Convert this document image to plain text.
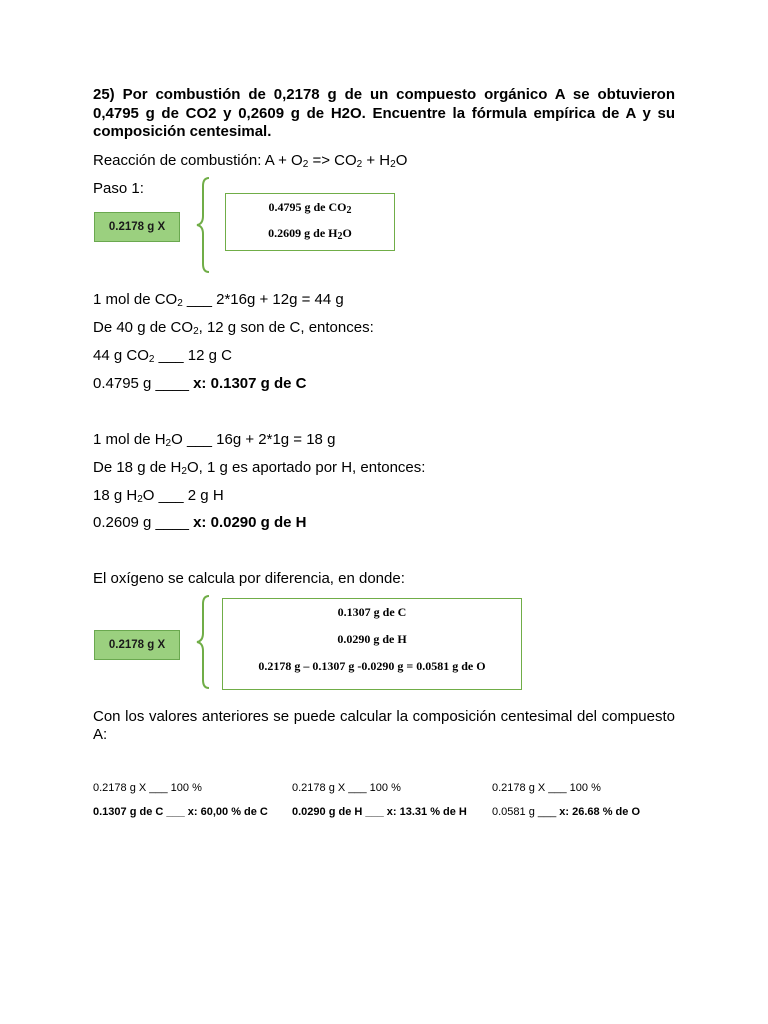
25) Por combustión de 0,2178 g de un compuesto orgánico A se obtuvieron 0,4795 g de CO2 y 0,2609 g de H2O. Encuentre la fórmula empírica de A y su composición centesimal.
Reacción de combustión: $A + O_2 => CO_2 + H_2O$
Paso 1:
0.2178 g X
0.4795 g de $CO_2$
0.2609 g de $H_2O$
1 mol de $CO_2$ ___ 2*16g + 12g = 44 g
De 40 g de $CO_2$, 12 g son de C, entonces:
44 g $CO_2$ ___ 12 g C
0.4795 g ____ x: 0.1307 g de C
1 mol de $H_2O$ ___ 16g + 2*1g = 18 g
De 18 g de $H_2O$, 1 g es aportado por H, entonces:
18 g $H_2O$ ___ 2 g H
0.2609 g ____ x: 0.0290 g de H
El oxígeno se calcula por diferencia, en donde:
0.2178 g X
0.1307 g de C
0.0290 g de H
0.2178 g – 0.1307 g -0.0290 g = 0.0581 g de O
Con los valores anteriores se puede calcular la composición centesimal del compuesto A:
0.2178 g X ___ 100 %
0.1307 g de C ___ x: 60,00 % de C
0.2178 g X ___ 100 %
0.0290 g de H ___ x: 13.31 % de H
0.2178 g X ___ 100 %
0.0581 g ___ x: 26.68 % de O
